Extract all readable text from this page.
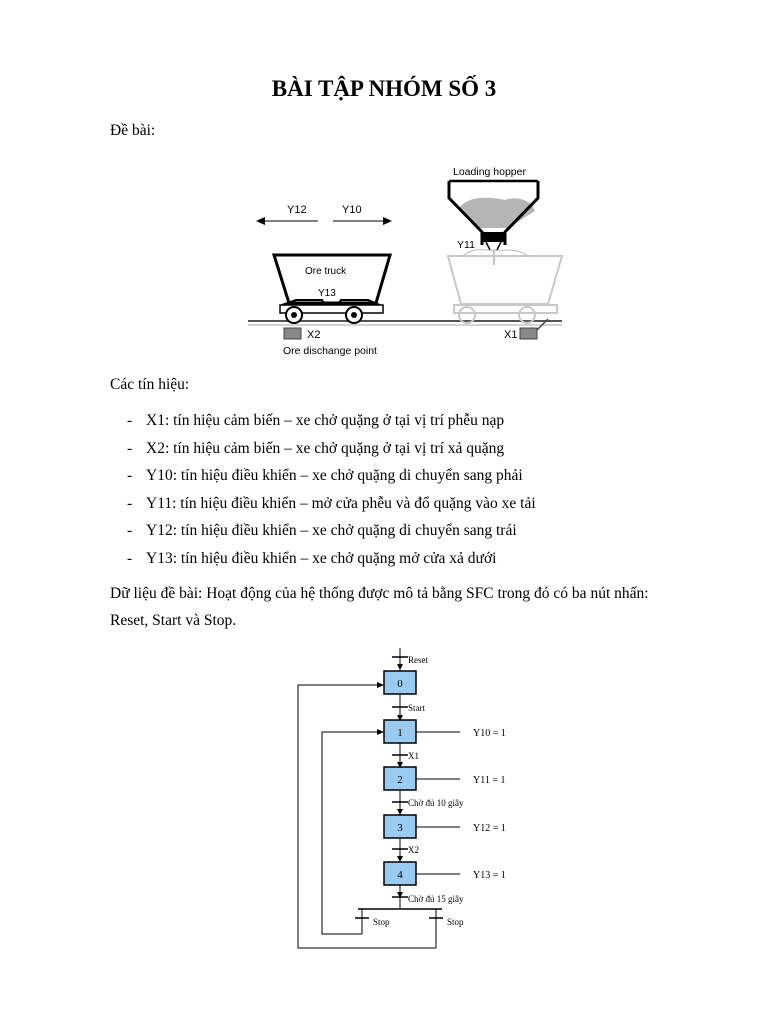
BÀI TẬP NHÓM SỐ 3
Đề bài:
Y12	Y10
Ore truck
Y13
X2
Ore dischange point
Loading hopper
Y11
X1
Các tín hiệu:
- X1: tín hiệu cảm biến – xe chở quặng ở tại vị trí phễu nạp
- X2: tín hiệu cảm biến – xe chở quặng ở tại vị trí xả quặng
- Y10: tín hiệu điều khiển – xe chở quặng di chuyển sang phải
- Y11: tín hiệu điều khiển – mở cửa phễu và đổ quặng vào xe tải
- Y12: tín hiệu điều khiển – xe chở quặng di chuyển sang trái
- Y13: tín hiệu điều khiển – xe chở quặng mở cửa xả dưới
Dữ liệu đề bài: Hoạt động của hệ thống được mô tả bằng SFC trong đó có ba nút nhấn:
Reset, Start và Stop.
Reset
Start
X1
Chờ đủ 10 giây
X2
Chờ đủ 15 giây
0
1
2
3
4
Y10 = 1
Y11 = 1
Y12 = 1
Y13 = 1
Stop	Stop
